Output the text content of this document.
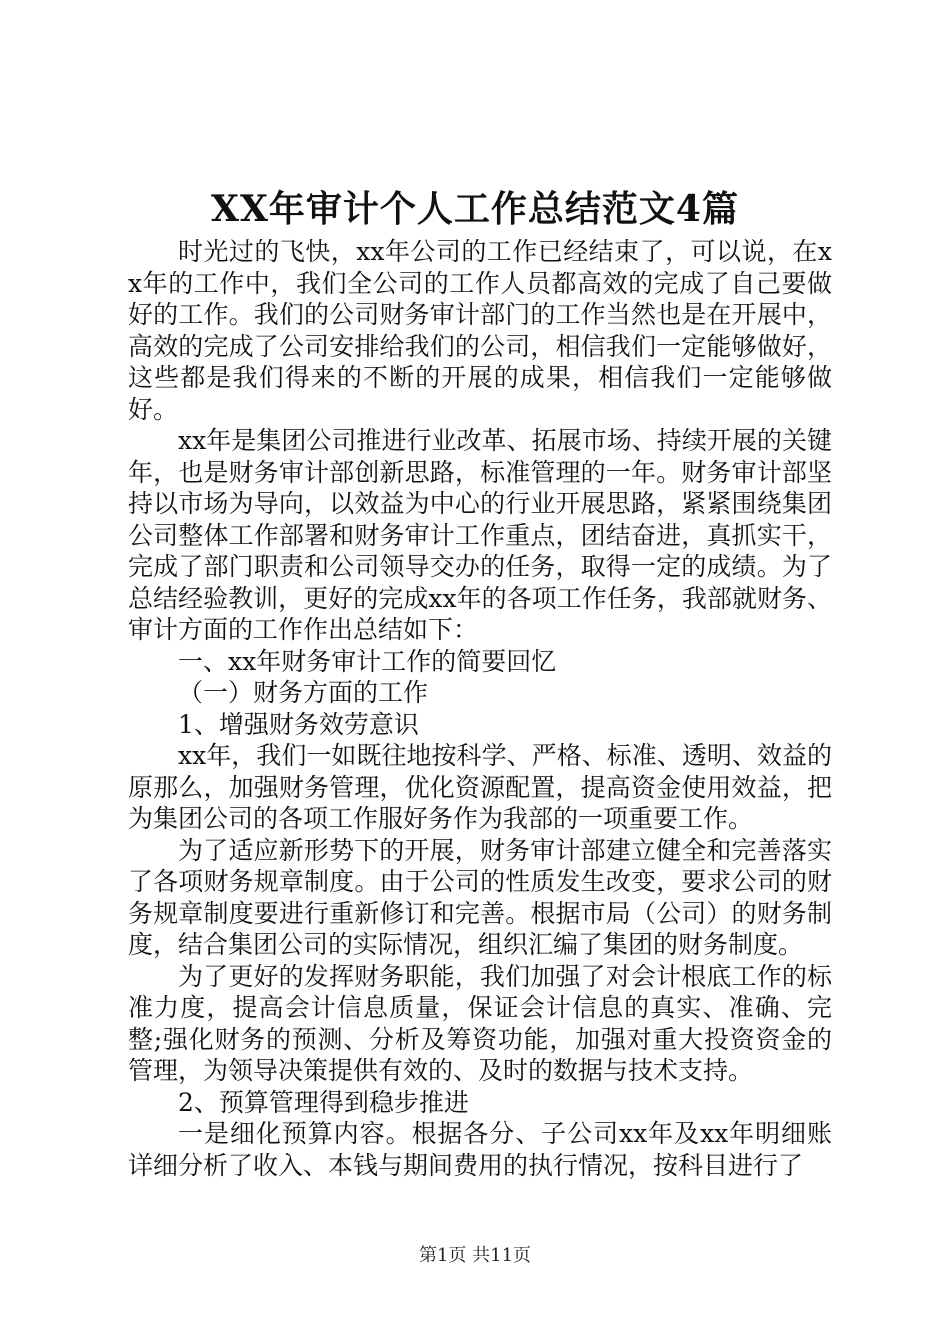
XX年审计个人工作总结范文4篇

时光过的飞快，xx年公司的工作已经结束了，可以说，在xx年的工作中，我们全公司的工作人员都高效的完成了自己要做好的工作。我们的公司财务审计部门的工作当然也是在开展中，高效的完成了公司安排给我们的公司，相信我们一定能够做好，这些都是我们得来的不断的开展的成果，相信我们一定能够做好。

xx年是集团公司推进行业改革、拓展市场、持续开展的关键年，也是财务审计部创新思路，标准管理的一年。财务审计部坚持以市场为导向，以效益为中心的行业开展思路，紧紧围绕集团公司整体工作部署和财务审计工作重点，团结奋进，真抓实干，完成了部门职责和公司领导交办的任务，取得一定的成绩。为了总结经验教训，更好的完成xx年的各项工作任务，我部就财务、审计方面的工作作出总结如下：

一、xx年财务审计工作的简要回忆

（一）财务方面的工作

1、增强财务效劳意识

xx年，我们一如既往地按科学、严格、标准、透明、效益的原那么，加强财务管理，优化资源配置，提高资金使用效益，把为集团公司的各项工作服好务作为我部的一项重要工作。

为了适应新形势下的开展，财务审计部建立健全和完善落实了各项财务规章制度。由于公司的性质发生改变，要求公司的财务规章制度要进行重新修订和完善。根据市局（公司）的财务制度，结合集团公司的实际情况，组织汇编了集团的财务制度。

为了更好的发挥财务职能，我们加强了对会计根底工作的标准力度，提高会计信息质量，保证会计信息的真实、准确、完整;强化财务的预测、分析及筹资功能，加强对重大投资资金的管理，为领导决策提供有效的、及时的数据与技术支持。

2、预算管理得到稳步推进

一是细化预算内容。根据各分、子公司xx年及xx年明细账详细分析了收入、本钱与期间费用的执行情况，按科目进行了

第1页 共11页
